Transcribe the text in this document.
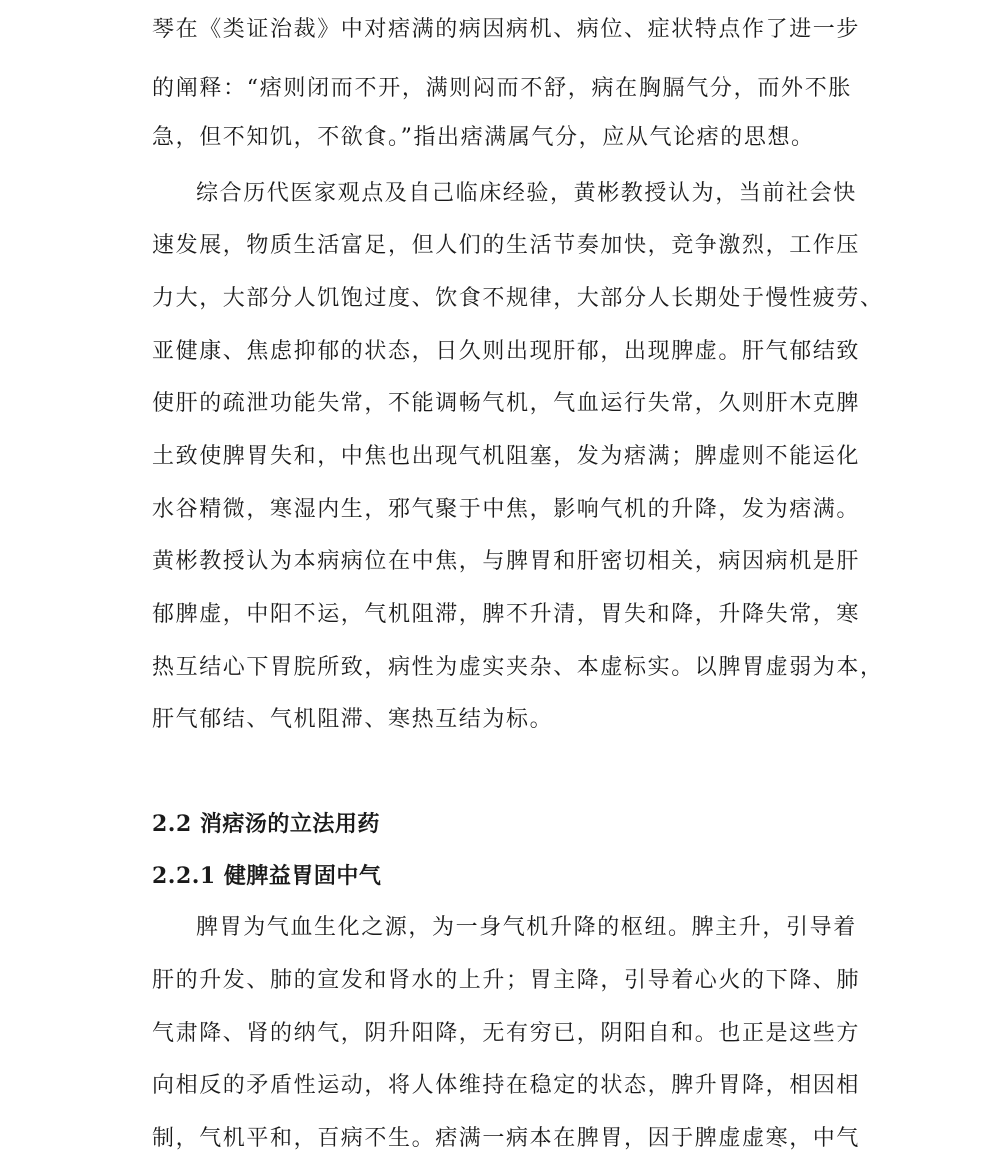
琴在《类证治裁》中对痞满的病因病机、病位、症状特点作了进一步
的阐释：“痞则闭而不开，满则闷而不舒，病在胸膈气分，而外不胀
急，但不知饥，不欲食。”指出痞满属气分，应从气论痞的思想。
综合历代医家观点及自己临床经验，黄彬教授认为，当前社会快
速发展，物质生活富足，但人们的生活节奏加快，竞争激烈，工作压
力大，大部分人饥饱过度、饮食不规律，大部分人长期处于慢性疲劳、
亚健康、焦虑抑郁的状态，日久则出现肝郁，出现脾虚。肝气郁结致
使肝的疏泄功能失常，不能调畅气机，气血运行失常，久则肝木克脾
土致使脾胃失和，中焦也出现气机阻塞，发为痞满；脾虚则不能运化
水谷精微，寒湿内生，邪气聚于中焦，影响气机的升降，发为痞满。
黄彬教授认为本病病位在中焦，与脾胃和肝密切相关，病因病机是肝
郁脾虚，中阳不运，气机阻滞，脾不升清，胃失和降，升降失常，寒
热互结心下胃脘所致，病性为虚实夹杂、本虚标实。以脾胃虚弱为本，
肝气郁结、气机阻滞、寒热互结为标。
2.2 消痞汤的立法用药
2.2.1 健脾益胃固中气
脾胃为气血生化之源，为一身气机升降的枢纽。脾主升，引导着
肝的升发、肺的宣发和肾水的上升；胃主降，引导着心火的下降、肺
气肃降、肾的纳气，阴升阳降，无有穷已，阴阳自和。也正是这些方
向相反的矛盾性运动，将人体维持在稳定的状态，脾升胃降，相因相
制，气机平和，百病不生。痞满一病本在脾胃，因于脾虚虚寒，中气
